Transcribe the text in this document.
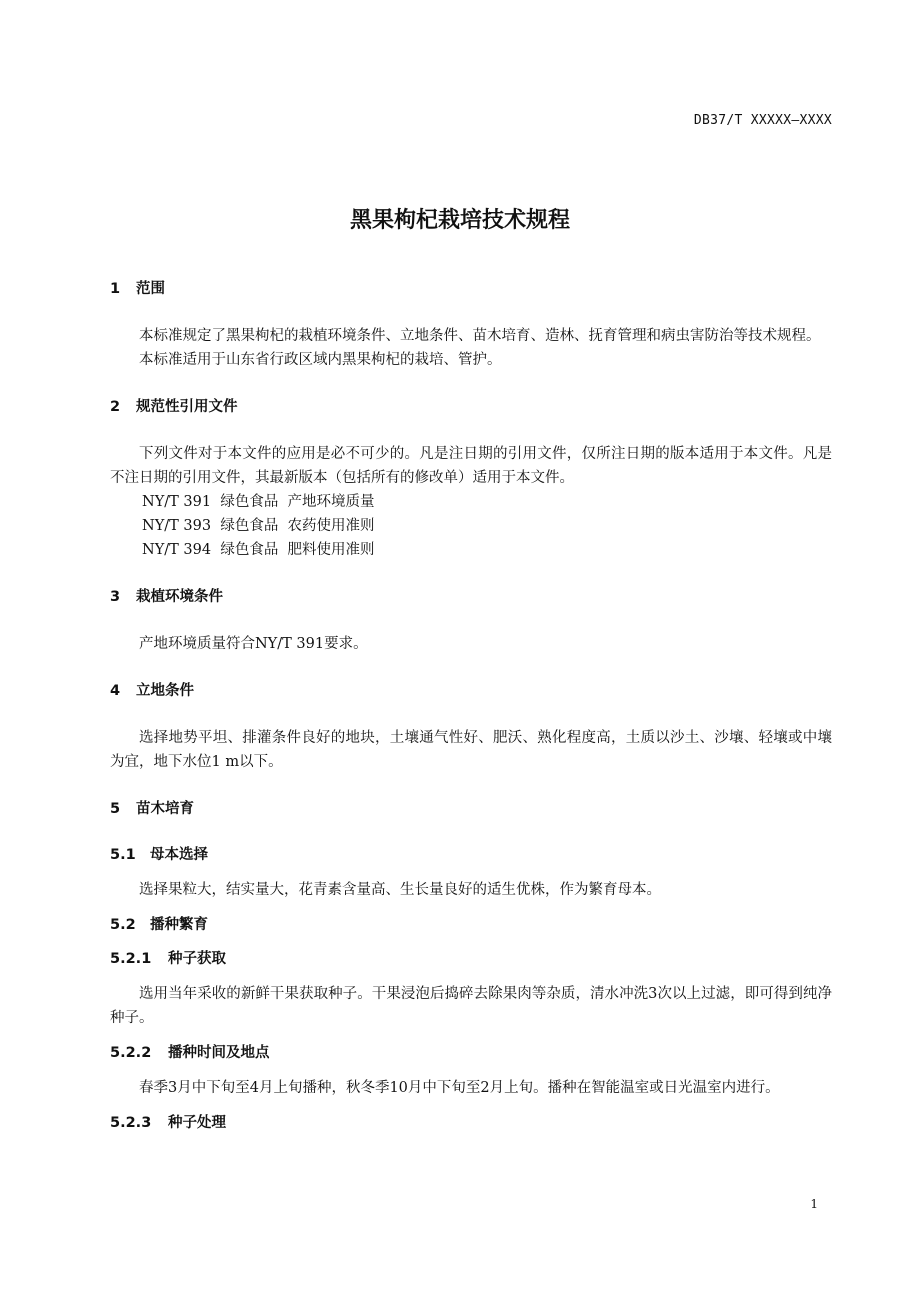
DB37/T XXXXX—XXXX
黑果枸杞栽培技术规程
1 范围

本标准规定了黑果枸杞的栽植环境条件、立地条件、苗木培育、造林、抚育管理和病虫害防治等技术规程。

本标准适用于山东省行政区域内黑果枸杞的栽培、管护。

2 规范性引用文件

下列文件对于本文件的应用是必不可少的。凡是注日期的引用文件，仅所注日期的版本适用于本文件。凡是不注日期的引用文件，其最新版本（包括所有的修改单）适用于本文件。

NY/T 391  绿色食品  产地环境质量
NY/T 393  绿色食品  农药使用准则
NY/T 394  绿色食品  肥料使用准则
3 栽植环境条件

产地环境质量符合NY/T 391要求。

4 立地条件

选择地势平坦、排灌条件良好的地块，土壤通气性好、肥沃、熟化程度高，土质以沙土、沙壤、轻壤或中壤为宜，地下水位1 m以下。

5 苗木培育
5.1 母本选择

选择果粒大，结实量大，花青素含量高、生长量良好的适生优株，作为繁育母本。

5.2 播种繁育
5.2.1 种子获取

选用当年采收的新鲜干果获取种子。干果浸泡后捣碎去除果肉等杂质，清水冲洗3次以上过滤，即可得到纯净种子。

5.2.2 播种时间及地点

春季3月中下旬至4月上旬播种，秋冬季10月中下旬至2月上旬。播种在智能温室或日光温室内进行。

5.2.3 种子处理
1
